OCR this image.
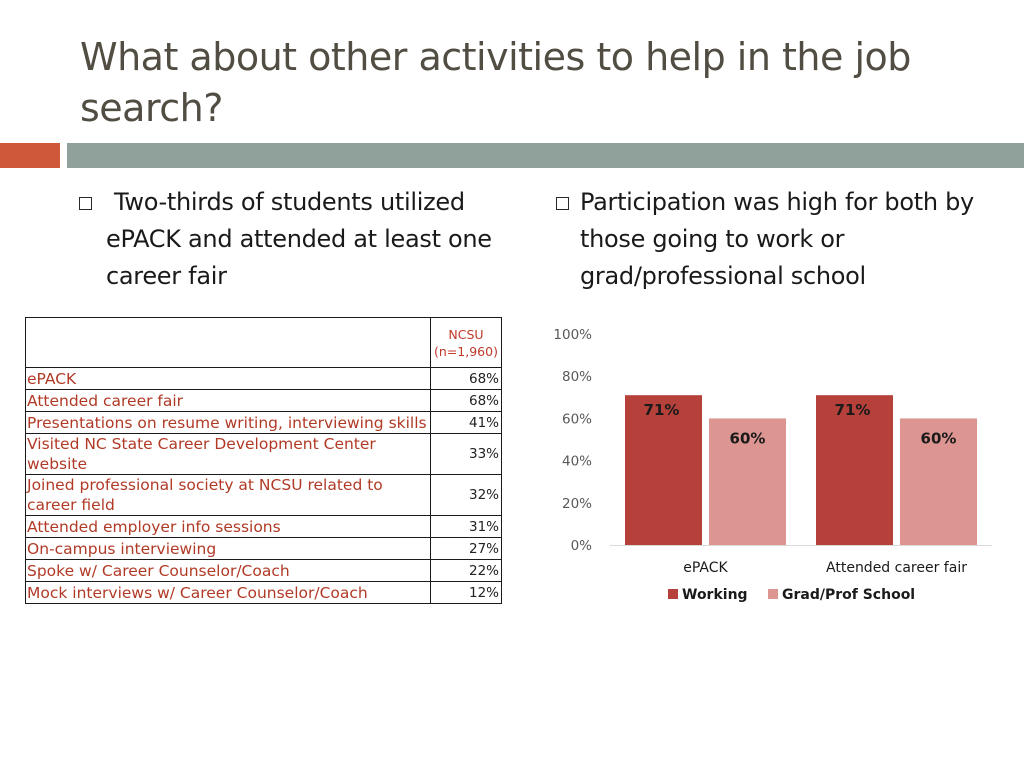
What about other activities to help in the job search?
Two-thirds of students utilized ePACK and attended at least one career fair
Participation was high for both by those going to work or grad/professional school

	NCSU
(n=1,960)

ePACK	68%
Attended career fair	68%
Presentations on resume writing, interviewing skills	41%
Visited NC State Career Development Center website	33%
Joined professional society at NCSU related to career field	32%
Attended employer info sessions	31%
On-campus interviewing	27%
Spoke w/ Career Counselor/Coach	22%
Mock interviews w/ Career Counselor/Coach	12%
0%
20%
40%
60%
80%
100%
71%
60%
ePACK
71%
60%
Attended career fair
Working Grad/Prof School
